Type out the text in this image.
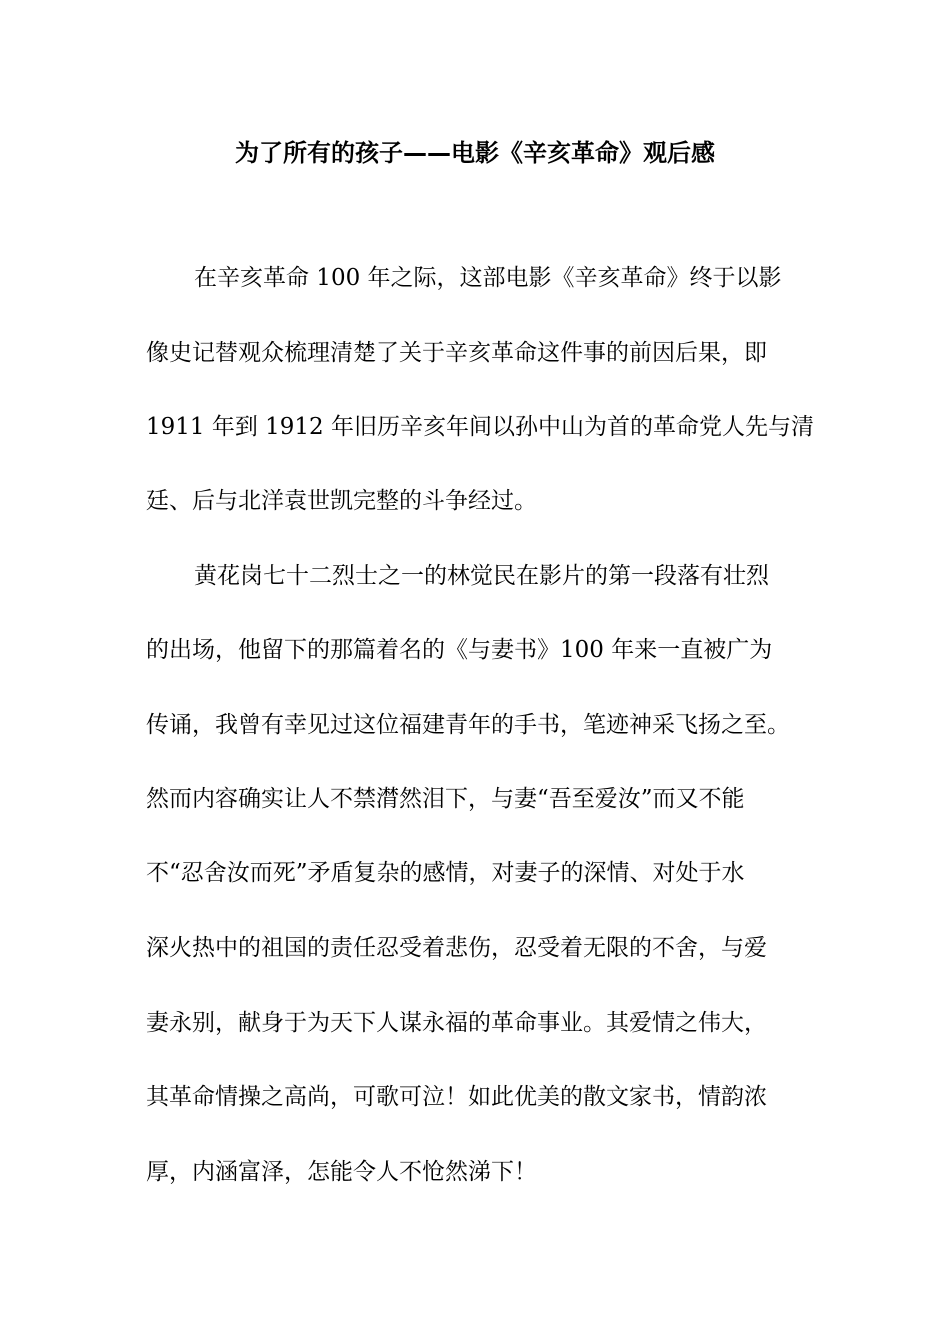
为了所有的孩子——电影《辛亥革命》观后感
在辛亥革命 100 年之际，这部电影《辛亥革命》终于以影
像史记替观众梳理清楚了关于辛亥革命这件事的前因后果，即
1911 年到 1912 年旧历辛亥年间以孙中山为首的革命党人先与清
廷、后与北洋袁世凯完整的斗争经过。
黄花岗七十二烈士之一的林觉民在影片的第一段落有壮烈
的出场，他留下的那篇着名的《与妻书》100 年来一直被广为
传诵，我曾有幸见过这位福建青年的手书，笔迹神采飞扬之至。
然而内容确实让人不禁潸然泪下，与妻“吾至爱汝”而又不能
不“忍舍汝而死”矛盾复杂的感情，对妻子的深情、对处于水
深火热中的祖国的责任忍受着悲伤，忍受着无限的不舍，与爱
妻永别，献身于为天下人谋永福的革命事业。其爱情之伟大，
其革命情操之高尚，可歌可泣！如此优美的散文家书，情韵浓
厚，内涵富泽，怎能令人不怆然涕下！
